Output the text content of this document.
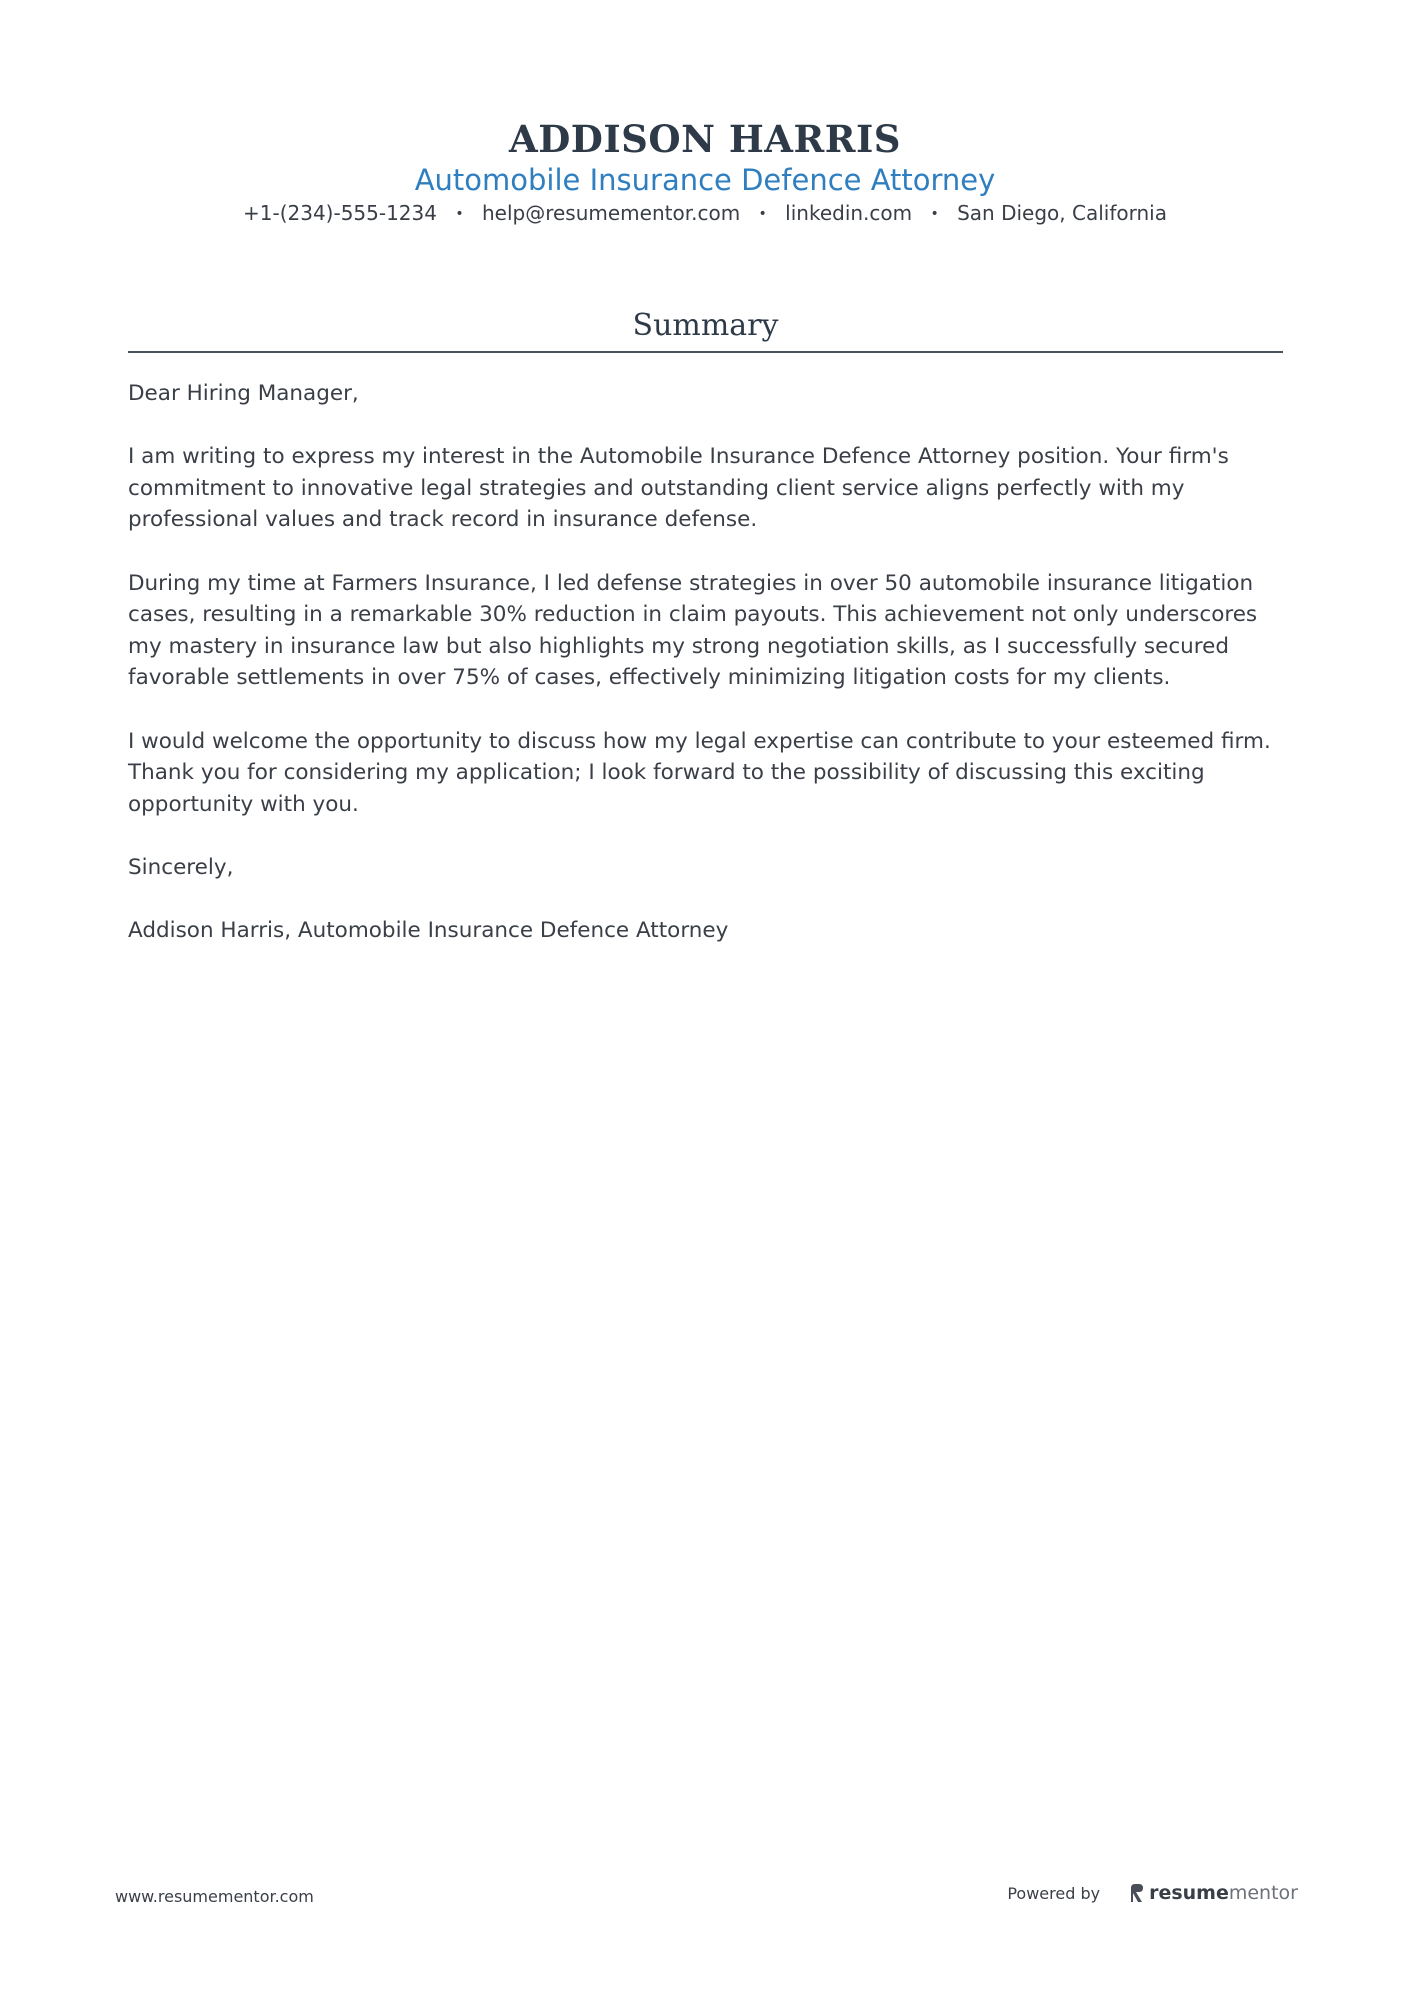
ADDISON HARRIS
Automobile Insurance Defence Attorney
+1-(234)-555-1234 • help@resumementor.com • linkedin.com • San Diego, California
Summary

Dear Hiring Manager,

I am writing to express my interest in the Automobile Insurance Defence Attorney position. Your firm's commitment to innovative legal strategies and outstanding client service aligns perfectly with my professional values and track record in insurance defense.

During my time at Farmers Insurance, I led defense strategies in over 50 automobile insurance litigation cases, resulting in a remarkable 30% reduction in claim payouts. This achievement not only underscores my mastery in insurance law but also highlights my strong negotiation skills, as I successfully secured favorable settlements in over 75% of cases, effectively minimizing litigation costs for my clients.

I would welcome the opportunity to discuss how my legal expertise can contribute to your esteemed firm. Thank you for considering my application; I look forward to the possibility of discussing this exciting opportunity with you.

Sincerely,

Addison Harris, Automobile Insurance Defence Attorney

www.resumementor.com	Powered by	resume mentor
